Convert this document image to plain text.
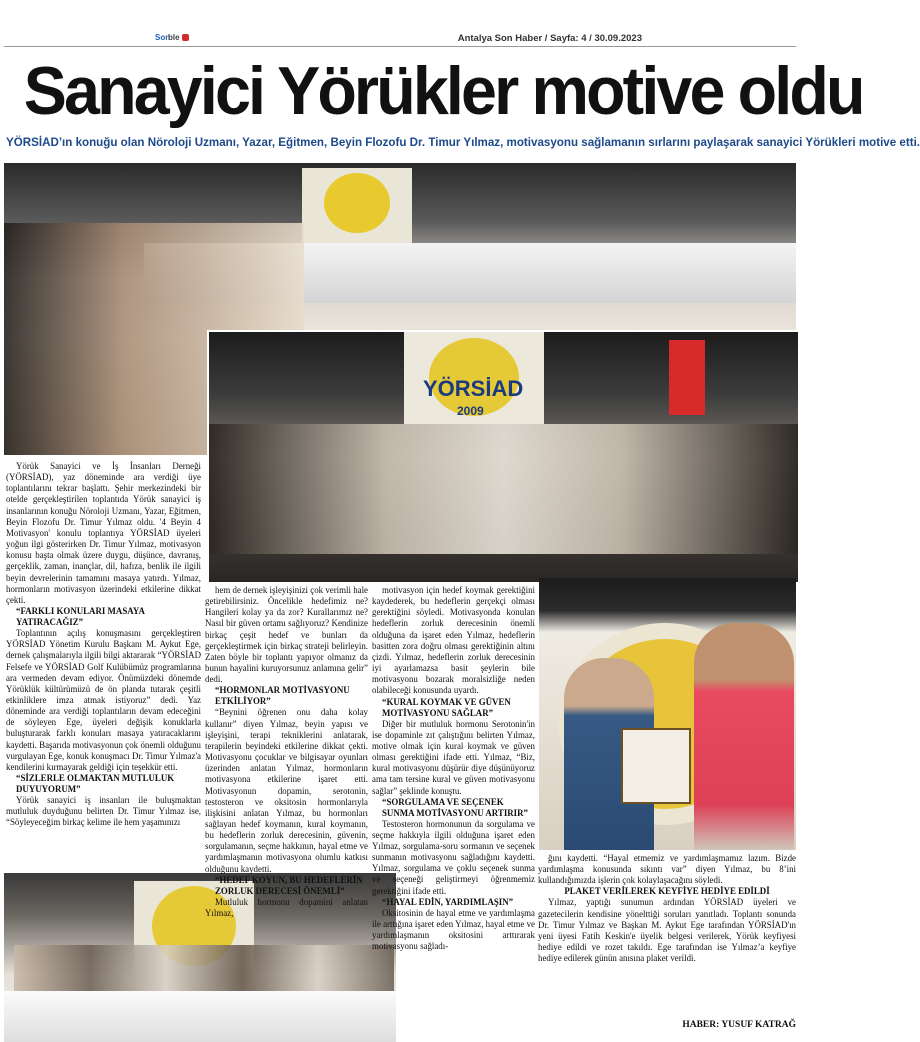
Son
ble	Antalya Son Haber / Sayfa: 4 / 30.09.2023
Sanayici Yörükler motive oldu
YÖRSİAD’ın konuğu olan Nöroloji Uzmanı, Yazar, Eğitmen, Beyin Flozofu Dr. Timur Yılmaz, motivasyonu sağlamanın sırlarını paylaşarak sanayici Yörükleri motive etti.
YÖRSİAD
2009

Yörük Sanayici ve İş İnsanları Derneği (YÖRSİAD), yaz döneminde ara verdiği üye toplantılarını tekrar başlattı. Şehir merkezindeki bir otelde gerçekleştirilen toplantıda Yörük sanayici iş insanlarının konuğu Nöroloji Uzmanı, Yazar, Eğitmen, Beyin Flozofu Dr. Timur Yılmaz oldu. '4 Beyin 4 Motivasyon' konulu toplantıya YÖRSİAD üyeleri yoğun ilgi gösterirken Dr. Timur Yılmaz, motivasyon konusu başta olmak üzere duygu, düşünce, davranış, gerçeklik, zaman, inançlar, dil, hafıza, benlik ile ilgili beyin devrelerinin tamamını masaya yatırdı. Yılmaz, hormonların motivasyon üzerindeki etkilerine dikkat çekti.

“FARKLI KONULARI MASAYA YATIRACAĞIZ”

Toplantının açılış konuşmasını gerçekleştiren YÖRSİAD Yönetim Kurulu Başkanı M. Aykut Ege, dernek çalışmalarıyla ilgili bilgi aktararak “YÖRSİAD Felsefe ve YÖRSİAD Golf Kulübümüz programlarına ara vermeden devam ediyor. Önümüzdeki dönemde Yörüklük kültürümüzü de ön planda tutarak çeşitli etkinliklere imza atmak istiyoruz” dedi. Yaz döneminde ara verdiği toplantıların devam edeceğini de söyleyen Ege, üyeleri değişik konuklarla buluşturarak farklı konuları masaya yatıracaklarını kaydetti. Başarıda motivasyonun çok önemli olduğunu vurgulayan Ege, konuk konuşmacı Dr. Timur Yılmaz'a kendilerini kırmayarak geldiği için teşekkür etti.

“SİZLERLE OLMAKTAN MUTLULUK DUYUYORUM”

Yörük sanayici iş insanları ile buluşmaktan mutluluk duyduğunu belirten Dr. Timur Yılmaz ise, “Söyleyeceğim birkaç kelime ile hem yaşamınızı

hem de dernek işleyişinizi çok verimli hale getirebilirsiniz. Öncelikle hedefimiz ne? Hangileri kolay ya da zor? Kurallarımız ne? Nasıl bir güven ortamı sağlıyoruz? Kendinize birkaç çeşit hedef ve bunları da gerçekleştirmek için birkaç strateji belirleyin. Zaten böyle bir toplantı yapıyor olmanız da bunun hayalini kuruyorsunuz anlamına gelir” dedi.

“HORMONLAR MOTİVASYONU ETKİLİYOR”

“Beynini öğrenen onu daha kolay kullanır” diyen Yılmaz, beyin yapısı ve işleyişini, terapi tekniklerini anlatarak, terapilerin beyindeki etkilerine dikkat çekti. Motivasyonu çocuklar ve bilgisayar oyunları üzerinden anlatan Yılmaz, hormonların motivasyona etkilerine işaret etti. Motivasyonun dopamin, serotonin, testosteron ve oksitosin hormonlarıyla ilişkisini anlatan Yılmaz, bu hormonları sağlayan hedef koymanın, kural koymanın, bu hedeflerin zorluk derecesinin, güvenin, sorgulamanın, seçme hakkının, hayal etme ve yardımlaşmanın motivasyona olumlu katkısı olduğunu kaydetti.

“HEDEF KOYUN, BU HEDEFLERİN ZORLUK DERECESİ ÖNEMLİ”

Mutluluk hormonu dopamini anlatan Yılmaz,

motivasyon için hedef koymak gerektiğini kaydederek, bu hedeflerin gerçekçi olması gerektiğini söyledi. Motivasyonda konulan hedeflerin zorluk derecesinin önemli olduğuna da işaret eden Yılmaz, hedeflerin basitten zora doğru olması gerektiğinin altını çizdi. Yılmaz, hedeflerin zorluk derecesinin iyi ayarlamazsa basit şeylerin bile motivasyonu bozarak moralsizliğe neden olabileceği konusunda uyardı.

“KURAL KOYMAK VE GÜVEN MOTİVASYONU SAĞLAR”

Diğer bir mutluluk hormonu Serotonin'in ise dopaminle zıt çalıştığını belirten Yılmaz, motive olmak için kural koymak ve güven olması gerektiğini ifade etti. Yılmaz, “Biz, kural motivasyonu düşürür diye düşünüyoruz ama tam tersine kural ve güven motivasyonu sağlar” şeklinde konuştu.

“SORGULAMA VE SEÇENEK SUNMA MOTİVASYONU ARTIRIR”

Testosteron hormonunun da sorgulama ve seçme hakkıyla ilgili olduğuna işaret eden Yılmaz, sorgulama-soru sormanın ve seçenek sunmanın motivasyonu sağladığını kaydetti. Yılmaz, sorgulama ve çoklu seçenek sunma ve seçeneği geliştirmeyi öğrenmemiz gerektiğini ifade etti.

“HAYAL EDİN, YARDIMLAŞIN”

Oksitosinin de hayal etme ve yardımlaşma ile arttığına işaret eden Yılmaz, hayal etme ve yardımlaşmanın oksitosini arttırarak motivasyonu sağladı-

ğını kaydetti. “Hayal etmemiz ve yardımlaşmamız lazım. Bizde yardımlaşma konusunda sıkıntı var” diyen Yılmaz, bu 8’ini kullandığımızda işlerin çok kolaylaşacağını söyledi.

PLAKET VERİLEREK KEYFİYE HEDİYE EDİLDİ

Yılmaz, yaptığı sunumun ardından YÖRSİAD üyeleri ve gazetecilerin kendisine yönelttiği soruları yanıtladı. Toplantı sonunda Dr. Timur Yılmaz ve Başkan M. Aykut Ege tarafından YÖRSİAD'ın yeni üyesi Fatih Keskin'e üyelik belgesi verilerek, Yörük keyfiyesi hediye edildi ve rozet takıldı. Ege tarafından ise Yılmaz’a keyfiye hediye edilerek günün anısına plaket verildi.

HABER: YUSUF KATRAĞ
